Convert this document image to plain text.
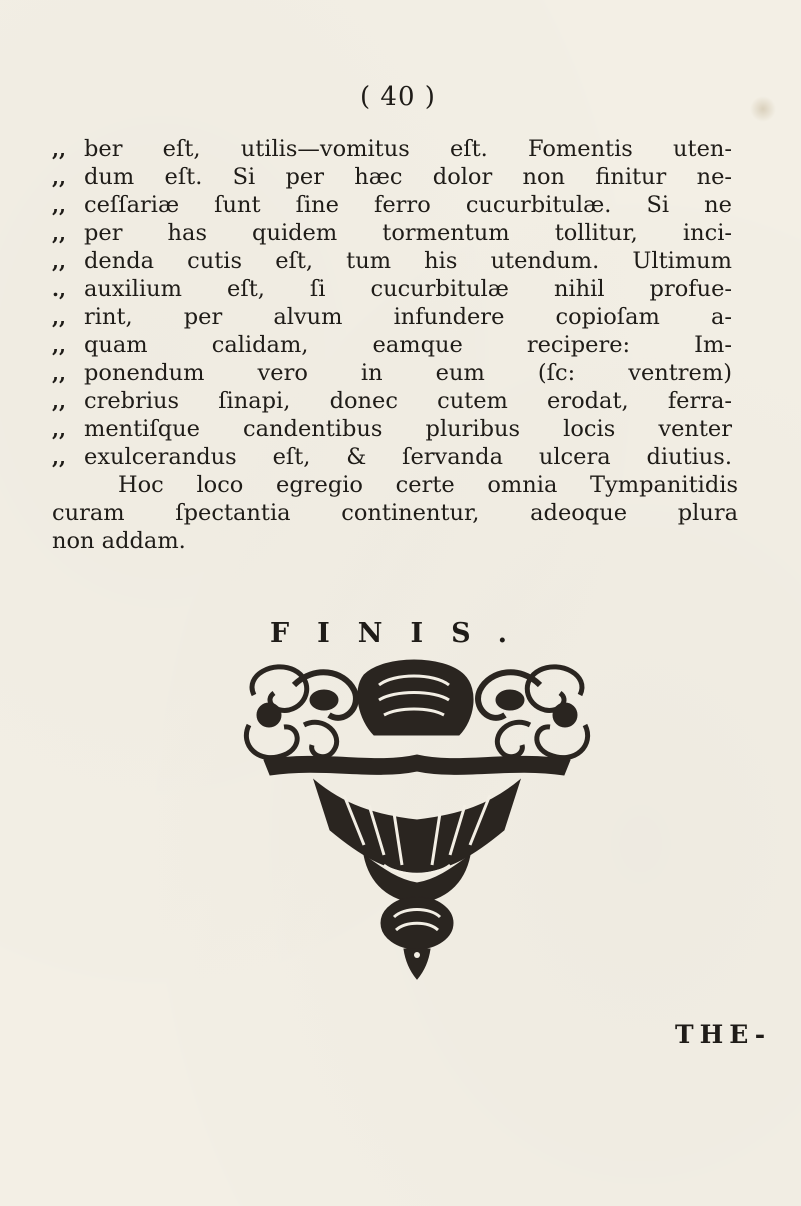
( 40 )
,, ber eſt, utilis—vomitus eſt. Fomentis uten-
,, dum eſt. Si per hæc dolor non finitur ne-
,, ceſſariæ ſunt ſine ferro cucurbitulæ. Si ne
,, per has quidem tormentum tollitur, inci-
,, denda cutis eſt, tum his utendum. Ultimum
., auxilium eſt, ſi cucurbitulæ nihil profue-
,, rint, per alvum infundere copioſam a-
,, quam calidam, eamque recipere: Im-
,, ponendum vero in eum (ſc: ventrem)
,, crebrius ſinapi, donec cutem erodat, ferra-
,, mentiſque candentibus pluribus locis venter
,, exulcerandus eſt, & ſervanda ulcera diutius.
Hoc loco egregio certe omnia Tympanitidis
curam ſpectantia continentur, adeoque plura
non addam.
FINIS.
THE-
